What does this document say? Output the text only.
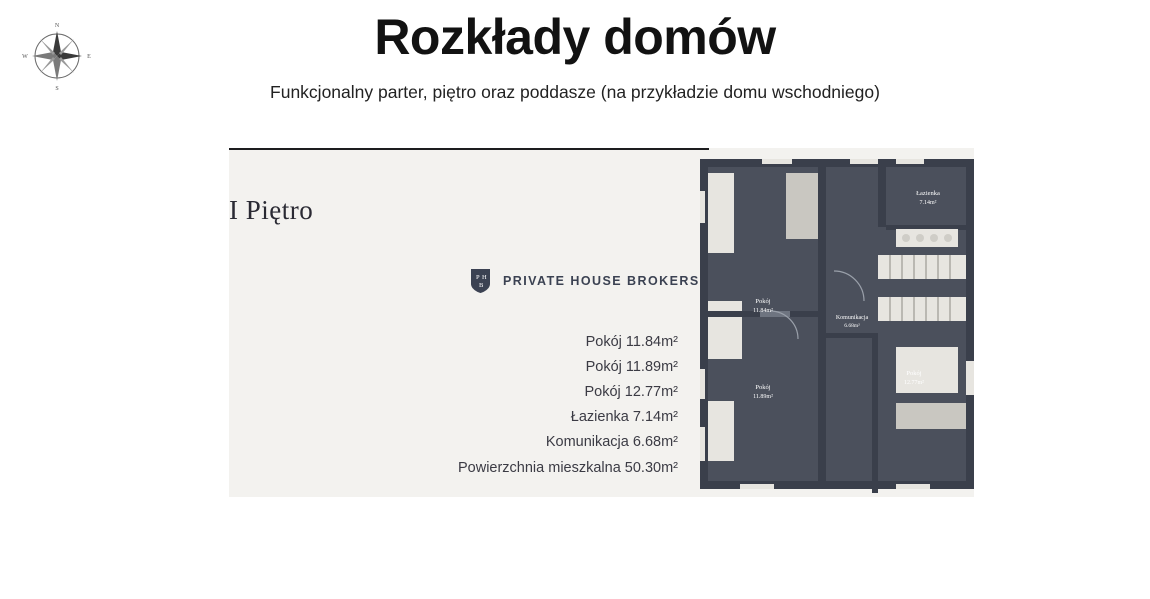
N
E
S
W	Rozkłady domów
Funkcjonalny parter, piętro oraz poddasze (na przykładzie domu wschodniego)
I Piętro
P H
B PRIVATE HOUSE BROKERS
Pokój 11.84m²
Pokój 11.89m²
Pokój 12.77m²
Łazienka 7.14m²
Komunikacja 6.68m²
Powierzchnia mieszkalna 50.30m²
Pokój
11.84m²
Łazienka
7.14m²
Komunikacja
6.68m²
Pokój
12.77m²
Pokój
11.89m²
